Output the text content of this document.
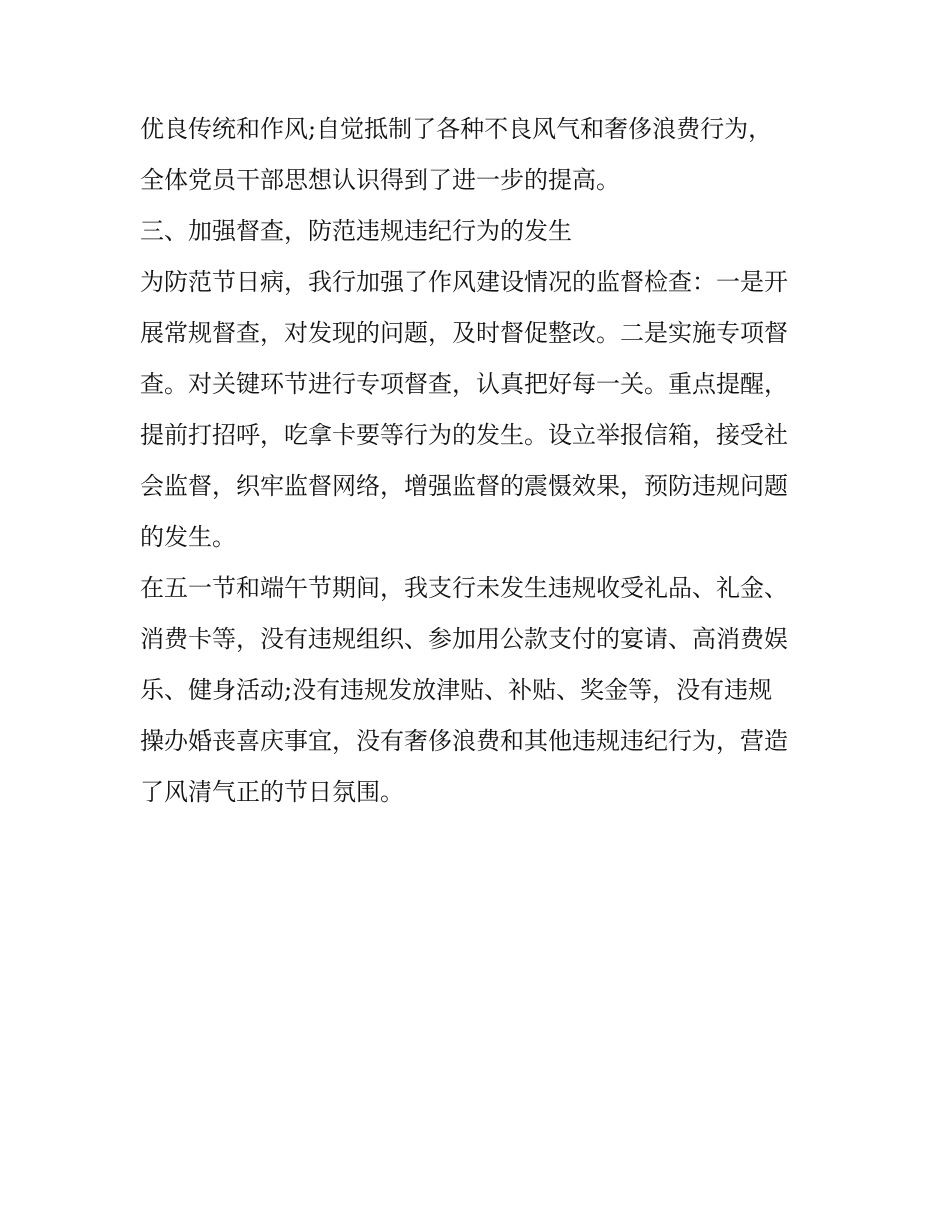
优良传统和作风;自觉抵制了各种不良风气和奢侈浪费行为，
全体党员干部思想认识得到了进一步的提高。
三、加强督查，防范违规违纪行为的发生
为防范节日病，我行加强了作风建设情况的监督检查：一是开
展常规督查，对发现的问题，及时督促整改。二是实施专项督
查。对关键环节进行专项督查，认真把好每一关。重点提醒，
提前打招呼，吃拿卡要等行为的发生。设立举报信箱，接受社
会监督，织牢监督网络，增强监督的震慑效果，预防违规问题
的发生。
在五一节和端午节期间，我支行未发生违规收受礼品、礼金、
消费卡等，没有违规组织、参加用公款支付的宴请、高消费娱
乐、健身活动;没有违规发放津贴、补贴、奖金等，没有违规
操办婚丧喜庆事宜，没有奢侈浪费和其他违规违纪行为，营造
了风清气正的节日氛围。
